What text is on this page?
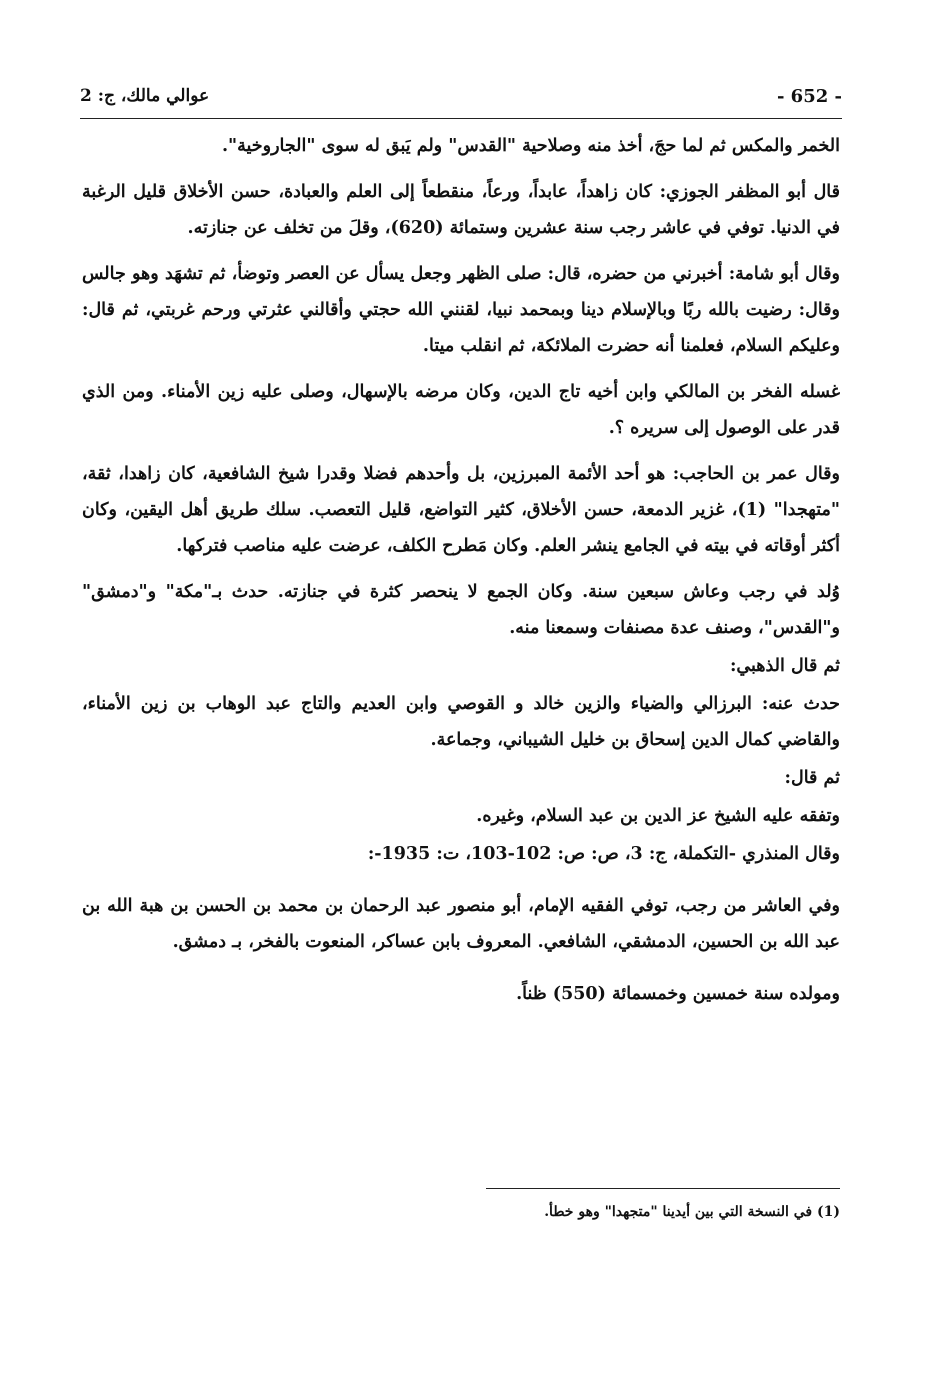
- 652 -
عوالي مالك، ج: 2

الخمر والمكس ثم لما حجَ، أخذ منه وصلاحية "القدس" ولم يَبق له سوى "الجاروخية".

قال أبو المظفر الجوزي: كان زاهداً، عابداً، ورعاً، منقطعاً إلى العلم والعبادة، حسن الأخلاق قليل الرغبة في الدنيا. توفي في عاشر رجب سنة عشرين وستمائة (620)، وقلَ من تخلف عن جنازته.

وقال أبو شامة: أخبرني من حضره، قال: صلى الظهر وجعل يسأل عن العصر وتوضأ، ثم تشهَد وهو جالس وقال: رضيت بالله ربًا وبالإسلام دينا وبمحمد نبيا، لقنني الله حجتي وأقالني عثرتي ورحم غربتي، ثم قال: وعليكم السلام، فعلمنا أنه حضرت الملائكة، ثم انقلب ميتا.

غسله الفخر بن المالكي وابن أخيه تاج الدين، وكان مرضه بالإسهال، وصلى عليه زين الأمناء. ومن الذي قدر على الوصول إلى سريره ؟.

وقال عمر بن الحاجب: هو أحد الأئمة المبرزين، بل وأحدهم فضلا وقدرا شيخ الشافعية، كان زاهدا، ثقة، "متهجدا" (1)، غزير الدمعة، حسن الأخلاق، كثير التواضع، قليل التعصب. سلك طريق أهل اليقين، وكان أكثر أوقاته في بيته في الجامع ينشر العلم. وكان مَطرح الكلف، عرضت عليه مناصب فتركها.

وُلد في رجب وعاش سبعين سنة. وكان الجمع لا ينحصر كثرة في جنازته. حدث بـ"مكة" و"دمشق" و"القدس"، وصنف عدة مصنفات وسمعنا منه.

ثم قال الذهبي:

حدث عنه: البرزالي والضياء والزين خالد و القوصي وابن العديم والتاج عبد الوهاب بن زين الأمناء، والقاضي كمال الدين إسحاق بن خليل الشيباني، وجماعة.

ثم قال:

وتفقه عليه الشيخ عز الدين بن عبد السلام، وغيره.

وقال المنذري -التكملة، ج: 3، ص: ص: 102-103، ت: 1935-:

وفي العاشر من رجب، توفي الفقيه الإمام، أبو منصور عبد الرحمان بن محمد بن الحسن بن هبة الله بن عبد الله بن الحسين، الدمشقي، الشافعي. المعروف بابن عساكر، المنعوت بالفخر، بـ دمشق.

ومولده سنة خمسين وخمسمائة (550) ظناً.

(1) في النسخة التي بين أيدينا "متجهدا" وهو خطأ.
